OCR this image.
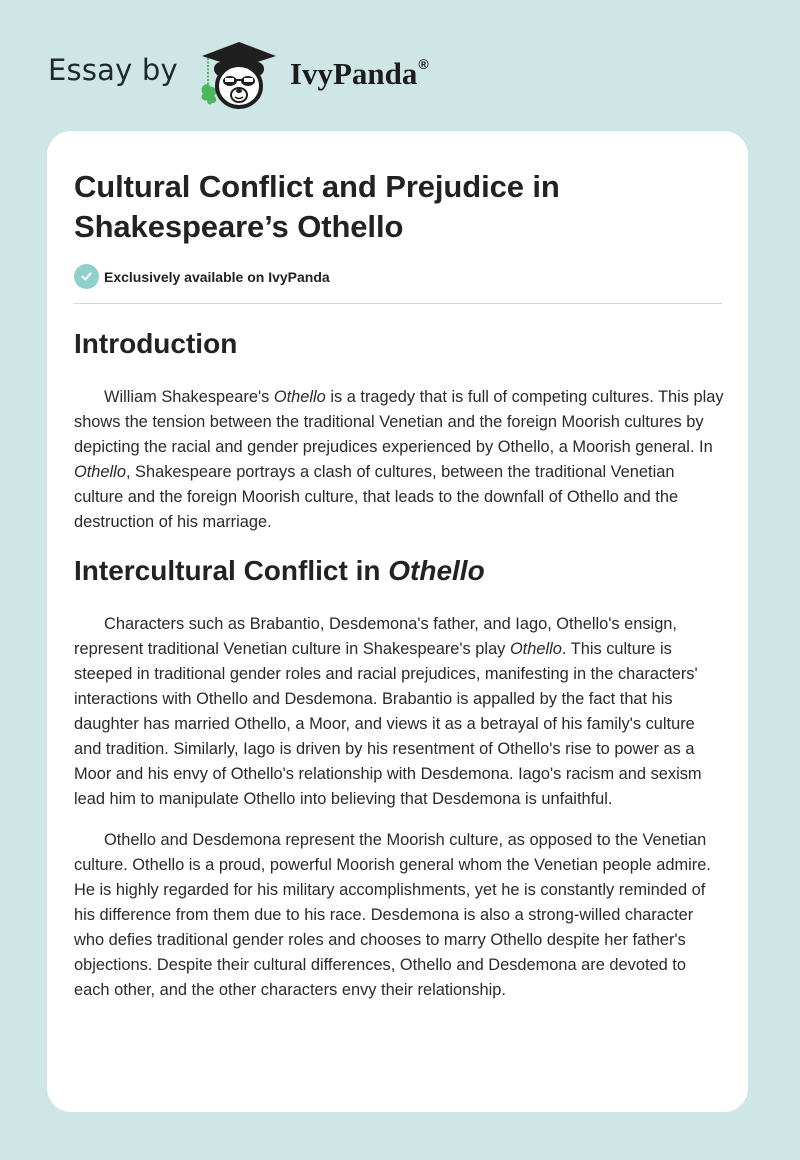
Essay by	IvyPanda®
Cultural Conflict and Prejudice in Shakespeare’s Othello
Exclusively available on IvyPanda
Introduction

William Shakespeare's Othello is a tragedy that is full of competing cultures. This play shows the tension between the traditional Venetian and the foreign Moorish cultures by depicting the racial and gender prejudices experienced by Othello, a Moorish general. In Othello, Shakespeare portrays a clash of cultures, between the traditional Venetian culture and the foreign Moorish culture, that leads to the downfall of Othello and the destruction of his marriage.

Intercultural Conflict in Othello

Characters such as Brabantio, Desdemona's father, and Iago, Othello's ensign, represent traditional Venetian culture in Shakespeare's play Othello. This culture is steeped in traditional gender roles and racial prejudices, manifesting in the characters' interactions with Othello and Desdemona. Brabantio is appalled by the fact that his daughter has married Othello, a Moor, and views it as a betrayal of his family's culture and tradition. Similarly, Iago is driven by his resentment of Othello's rise to power as a Moor and his envy of Othello's relationship with Desdemona. Iago's racism and sexism lead him to manipulate Othello into believing that Desdemona is unfaithful.

Othello and Desdemona represent the Moorish culture, as opposed to the Venetian culture. Othello is a proud, powerful Moorish general whom the Venetian people admire. He is highly regarded for his military accomplishments, yet he is constantly reminded of his difference from them due to his race. Desdemona is also a strong-willed character who defies traditional gender roles and chooses to marry Othello despite her father's objections. Despite their cultural differences, Othello and Desdemona are devoted to each other, and the other characters envy their relationship.
